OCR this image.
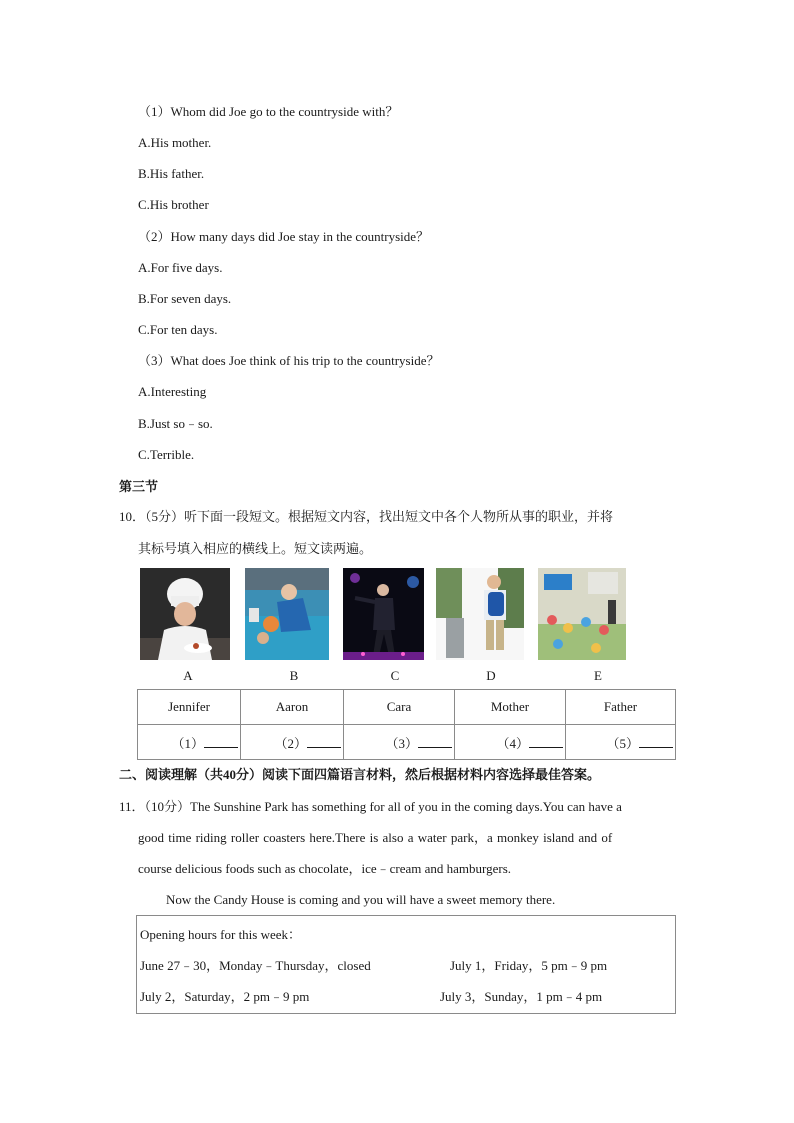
（1）Whom did Joe go to the countryside with？
A.His mother.
B.His father.
C.His brother
（2）How many days did Joe stay in the countryside？
A.For five days.
B.For seven days.
C.For ten days.
（3）What does Joe think of his trip to the countryside？
A.Interesting
B.Just so﹣so.
C.Terrible.
第三节
10．（5分）听下面一段短文。根据短文内容，找出短文中各个人物所从事的职业，并将
其标号填入相应的横线上。短文读两遍。
A	B	C	D	E
Jennifer	Aaron	Cara	Mother	Father
（1）	（2）	（3）	（4）	（5）
二、阅读理解（共40分）阅读下面四篇语言材料，然后根据材料内容选择最佳答案。
11．（10分）The Sunshine Park has something for all of you in the coming days.You can have a
good time riding roller coasters here.There is also a water park，a monkey island and of
course delicious foods such as chocolate，ice﹣cream and hamburgers.
Now the Candy House is coming and you will have a sweet memory there.
Opening hours for this week：
June 27﹣30，Monday﹣Thursday，closed	July 1，Friday，5 pm﹣9 pm
July 2，Saturday，2 pm﹣9 pm	July 3，Sunday，1 pm﹣4 pm
